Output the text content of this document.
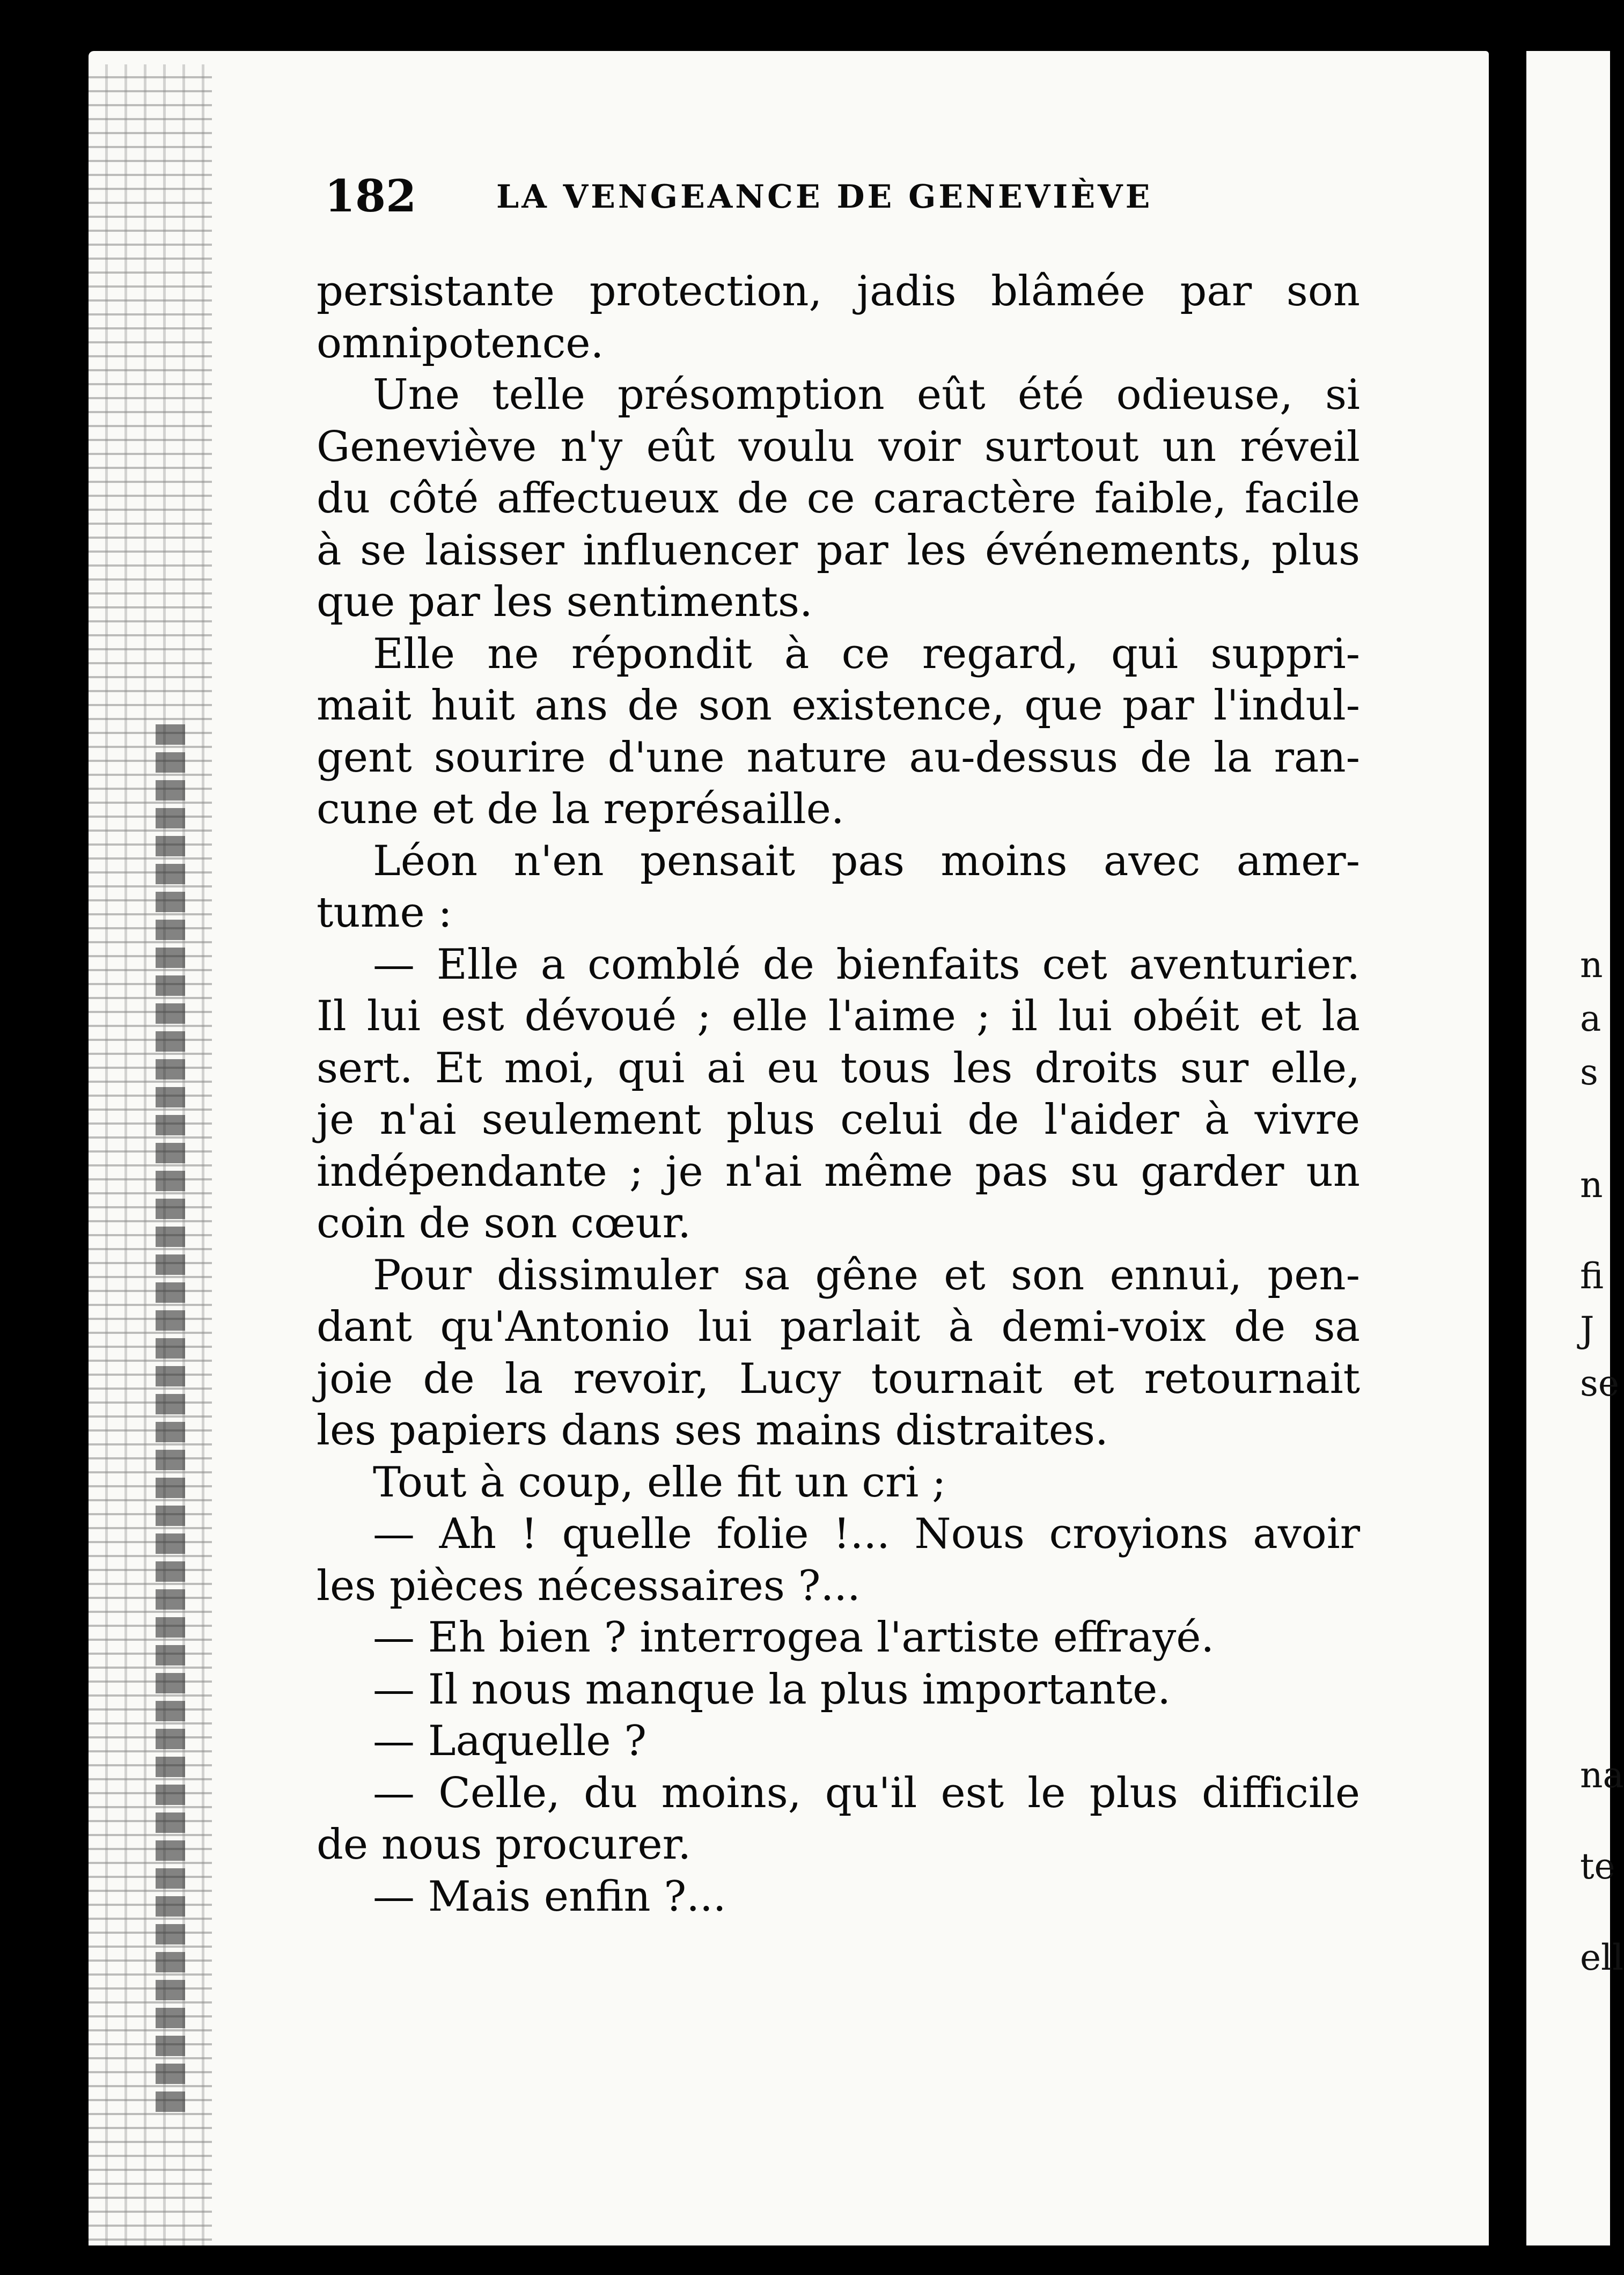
182 LA VENGEANCE DE GENEVIÈVE
persistante protection, jadis blâmée par son
omnipotence.
Une telle présomption eût été odieuse, si
Geneviève n'y eût voulu voir surtout un réveil
du côté affectueux de ce caractère faible, facile
à se laisser influencer par les événements, plus
que par les sentiments.
Elle ne répondit à ce regard, qui suppri-
mait huit ans de son existence, que par l'indul-
gent sourire d'une nature au-dessus de la ran-
cune et de la représaille.
Léon n'en pensait pas moins avec amer-
tume :
— Elle a comblé de bienfaits cet aventurier.
Il lui est dévoué ; elle l'aime ; il lui obéit et la
sert. Et moi, qui ai eu tous les droits sur elle,
je n'ai seulement plus celui de l'aider à vivre
indépendante ; je n'ai même pas su garder un
coin de son cœur.
Pour dissimuler sa gêne et son ennui, pen-
dant qu'Antonio lui parlait à demi-voix de sa
joie de la revoir, Lucy tournait et retournait
les papiers dans ses mains distraites.
Tout à coup, elle fit un cri ;
— Ah ! quelle folie !... Nous croyions avoir
les pièces nécessaires ?...
— Eh bien ? interrogea l'artiste effrayé.
— Il nous manque la plus importante.
— Laquelle ?
— Celle, du moins, qu'il est le plus difficile
de nous procurer.
— Mais enfin ?...
n
a
s
n
fi
J
se
na
te
ell
